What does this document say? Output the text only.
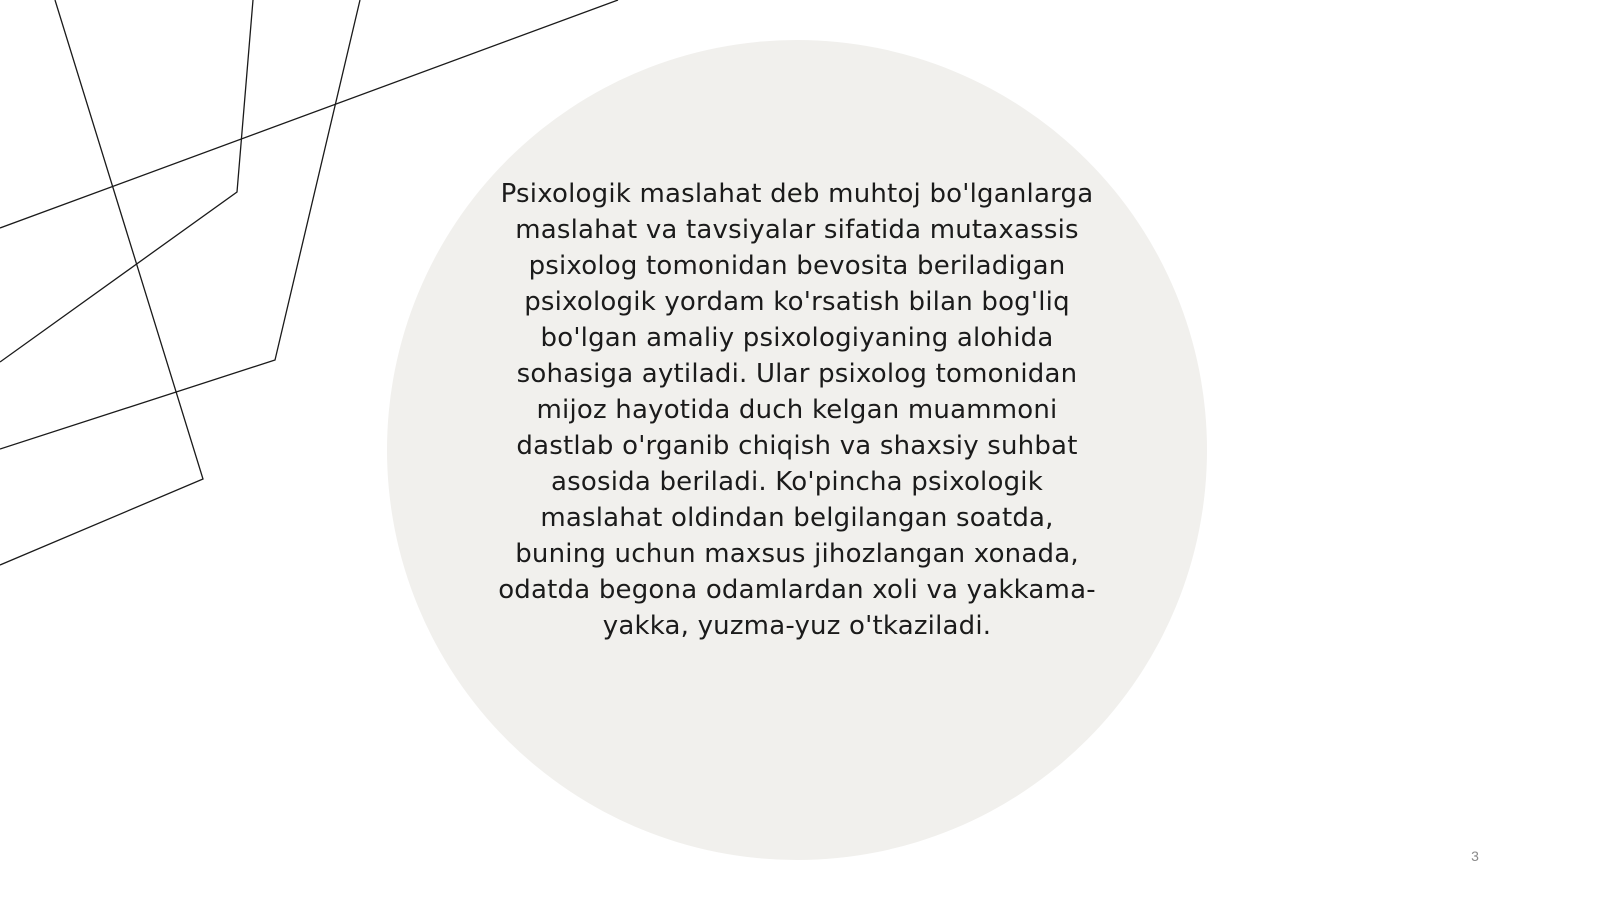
Psixologik maslahat deb muhtoj bo'lganlarga maslahat va tavsiyalar sifatida mutaxassis psixolog tomonidan bevosita beriladigan psixologik yordam ko'rsatish bilan bog'liq bo'lgan amaliy psixologiyaning alohida sohasiga aytiladi. Ular psixolog tomonidan mijoz hayotida duch kelgan muammoni dastlab o'rganib chiqish va shaxsiy suhbat asosida beriladi. Ko'pincha psixologik maslahat oldindan belgilangan soatda, buning uchun maxsus jihozlangan xonada, odatda begona odamlardan xoli va yakkama-yakka, yuzma-yuz o'tkaziladi.

3
